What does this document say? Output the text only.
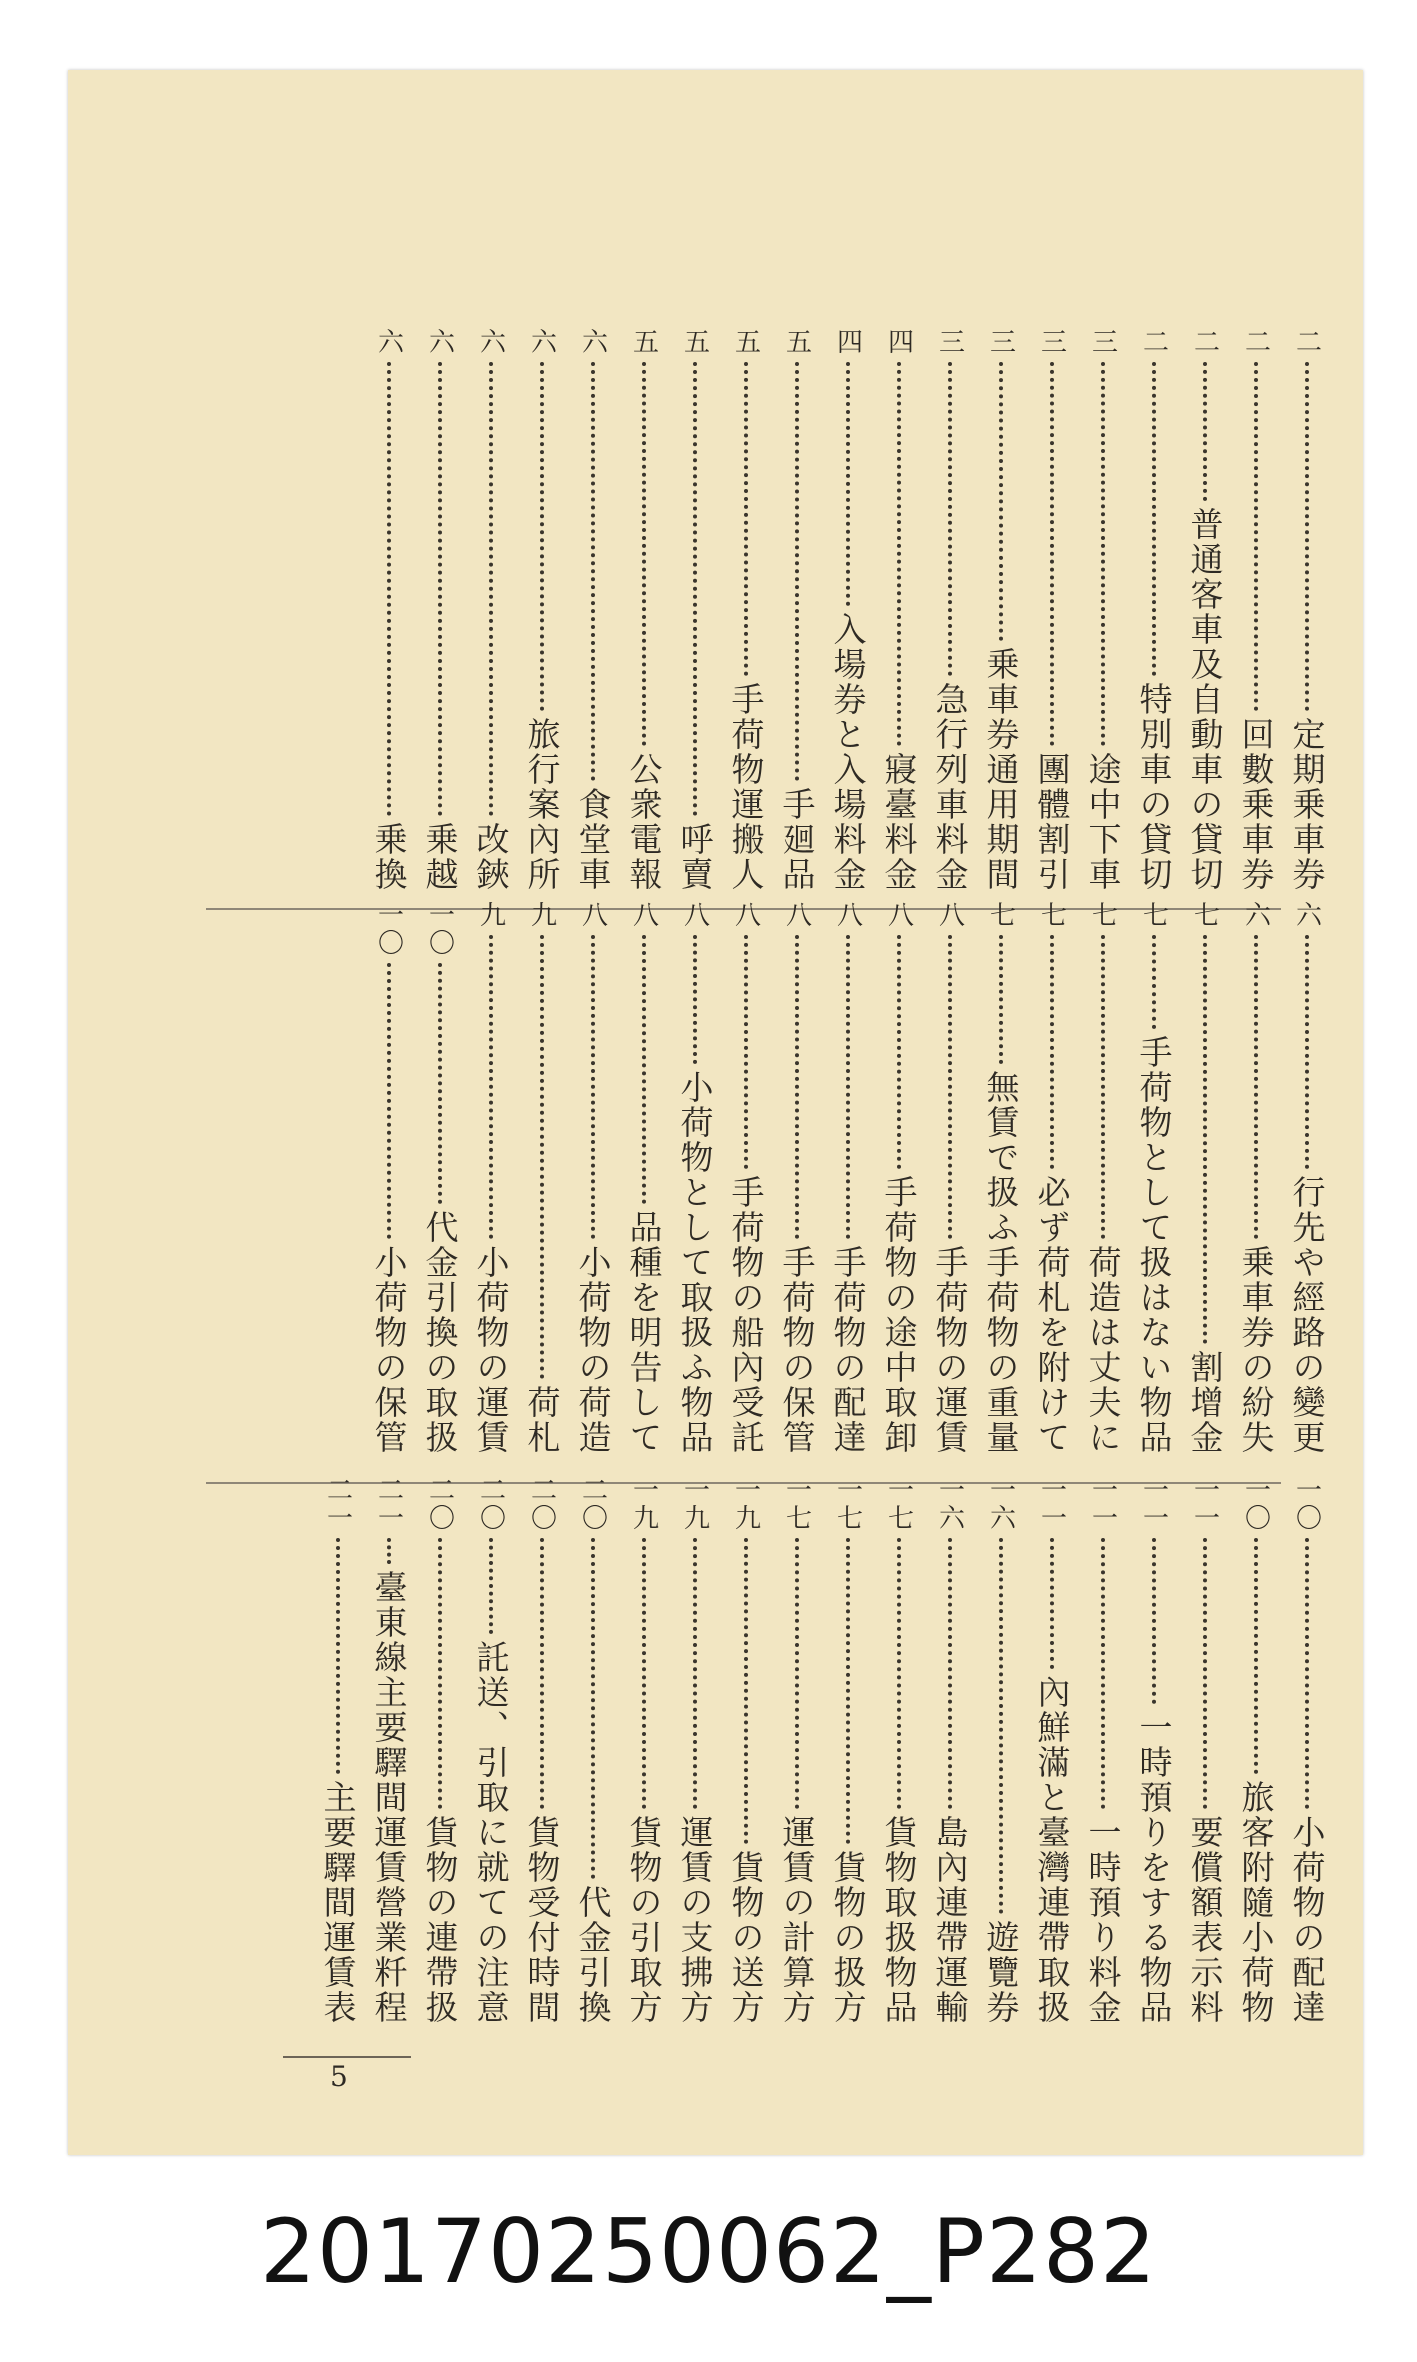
定期乗車券
二
回數乗車券
二
普通客車及自動車の貸切
二
特別車の貸切
二
途中下車
三
團體割引
三
乗車券通用期間
三
急行列車料金
三
寢臺料金
四
入場券と入場料金
四
手廻品
五
手荷物運搬人
五
呼賣
五
公衆電報
五
食堂車
六
旅行案內所
六
改鋏
六
乗越
六
乗換
六
行先や經路の變更
六
乗車券の紛失
六
割增金
七
手荷物として扱はない物品
七
荷造は丈夫に
七
必ず荷札を附けて
七
無賃で扱ふ手荷物の重量
七
手荷物の運賃
八
手荷物の途中取卸
八
手荷物の配達
八
手荷物の保管
八
手荷物の船內受託
八
小荷物として取扱ふ物品
八
品種を明告して
八
小荷物の荷造
八
荷札
九
小荷物の運賃
九
代金引換の取扱
一〇
小荷物の保管
一〇
小荷物の配達
一〇
旅客附隨小荷物
一〇
要償額表示料
一一
一時預りをする物品
一一
一時預り料金
一一
內鮮滿と臺灣連帶取扱
一一
遊覽券
一六
島內連帶運輸
一六
貨物取扱物品
一七
貨物の扱方
一七
運賃の計算方
一七
貨物の送方
一九
運賃の支拂方
一九
貨物の引取方
一九
代金引換
二〇
貨物受付時間
二〇
託送、引取に就ての注意
二〇
貨物の連帶扱
二〇
臺東線主要驛間運賃營業粁程
二一
主要驛間運賃表
二一
5
20170250062_P282
